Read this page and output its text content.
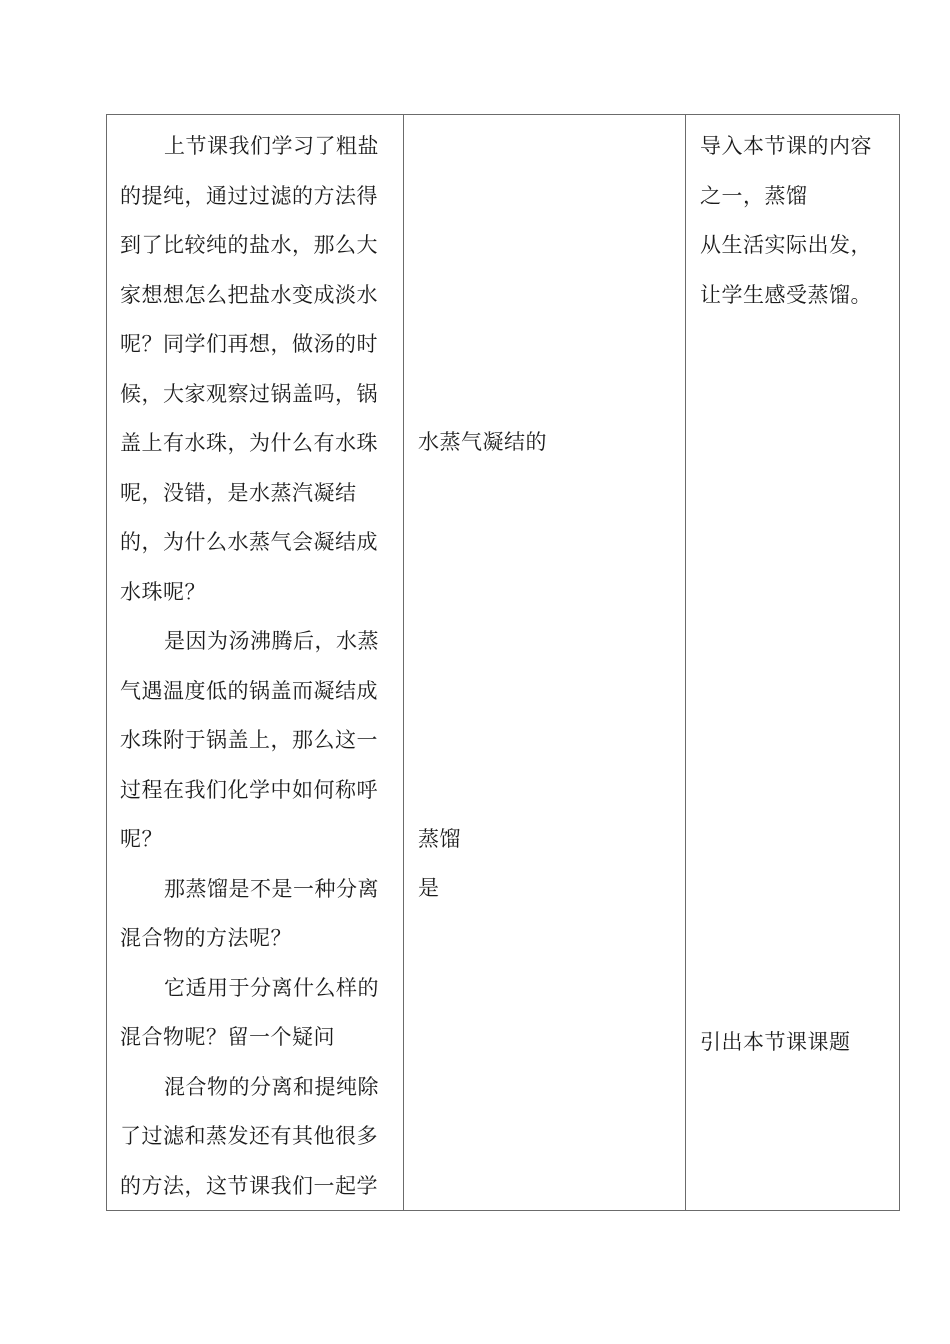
上节课我们学习了粗盐

的提纯，通过过滤的方法得
到了比较纯的盐水，那么大
家想想怎么把盐水变成淡水
呢？同学们再想，做汤的时
候，大家观察过锅盖吗，锅
盖上有水珠，为什么有水珠
呢，没错，是水蒸汽凝结
的，为什么水蒸气会凝结成
水珠呢？

是因为汤沸腾后，水蒸

气遇温度低的锅盖而凝结成
水珠附于锅盖上，那么这一
过程在我们化学中如何称呼
呢？

那蒸馏是不是一种分离

混合物的方法呢？

它适用于分离什么样的

混合物呢？留一个疑问

混合物的分离和提纯除

了过滤和蒸发还有其他很多
的方法，这节课我们一起学

水蒸气凝结的
蒸馏
是
导入本节课的内容
之一，蒸馏
从生活实际出发，
让学生感受蒸馏。
引出本节课课题
